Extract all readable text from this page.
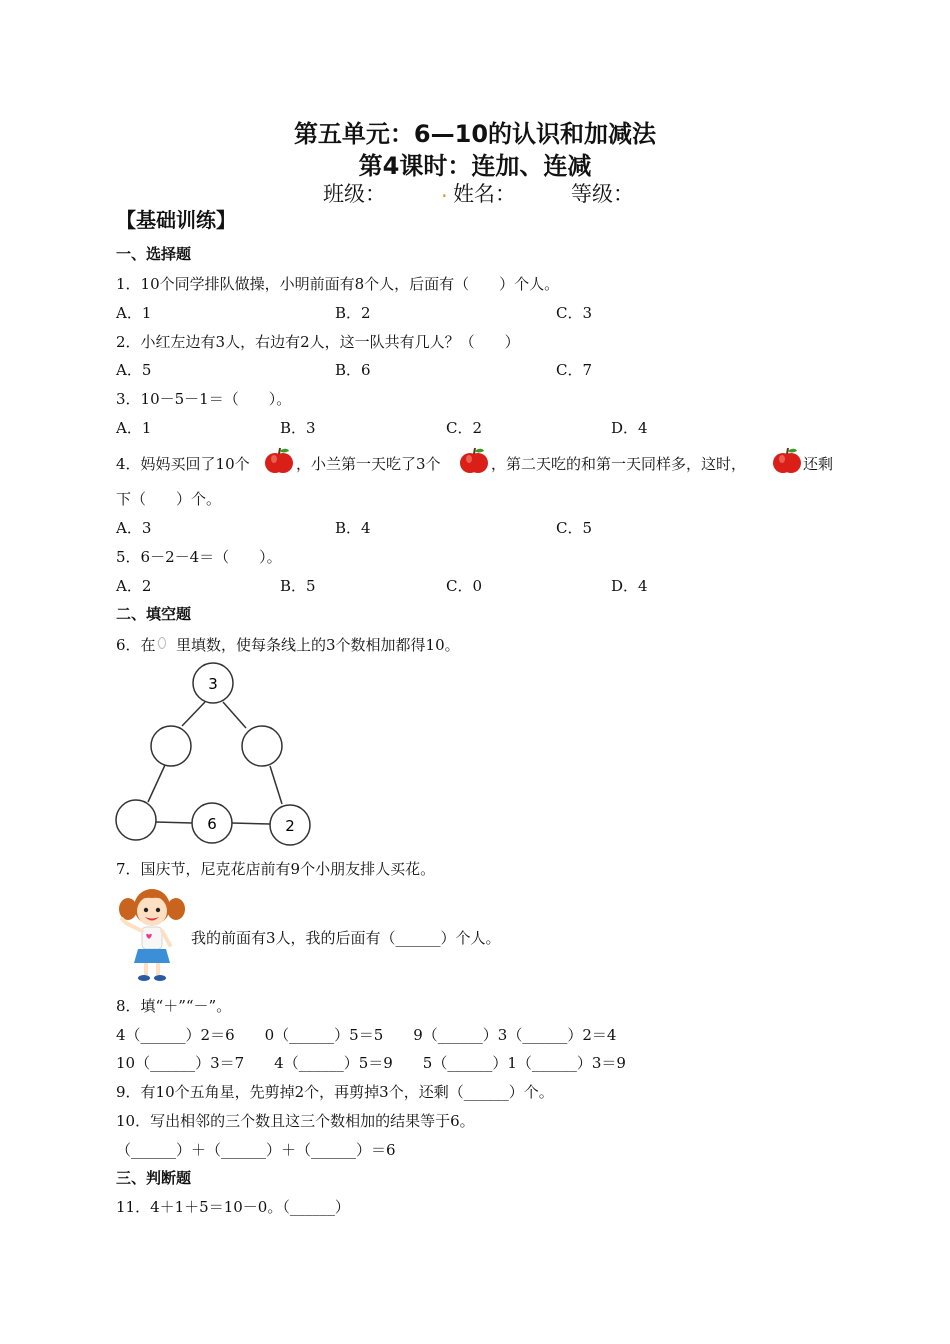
第五单元：6—10的认识和加减法
第4课时：连加、连减
班级：	. 姓名：	等级：
【基础训练】
一、选择题
1．10个同学排队做操，小明前面有8个人，后面有（　　）个人。
A．1	B．2	C．3
2．小红左边有3人，右边有2人，这一队共有几人？（　　）
A．5	B．6	C．7
3．10－5－1＝（　　）。
A．1	B．3	C．2	D．4
4．妈妈买回了10个	，小兰第一天吃了3个	，第二天吃的和第一天同样多，这时，	还剩
下（　　）个。
A．3	B．4	C．5
5．6－2－4＝（　　）。
A．2	B．5	C．0	D．4
二、填空题
6．在 里填数，使每条线上的3个数相加都得10。
3
6	2
7．国庆节，尼克花店前有9个小朋友排人买花。
我的前面有3人，我的后面有（______）个人。
8．填“＋”“－”。
4（______）2＝6　　0（______）5＝5　　9（______）3（______）2＝4
10（______）3＝7　　4（______）5＝9　　5（______）1（______）3＝9
9．有10个五角星，先剪掉2个，再剪掉3个，还剩（______）个。
10．写出相邻的三个数且这三个数相加的结果等于6。
（______）＋（______）＋（______）＝6
三、判断题
11．4＋1＋5＝10－0。（______）
